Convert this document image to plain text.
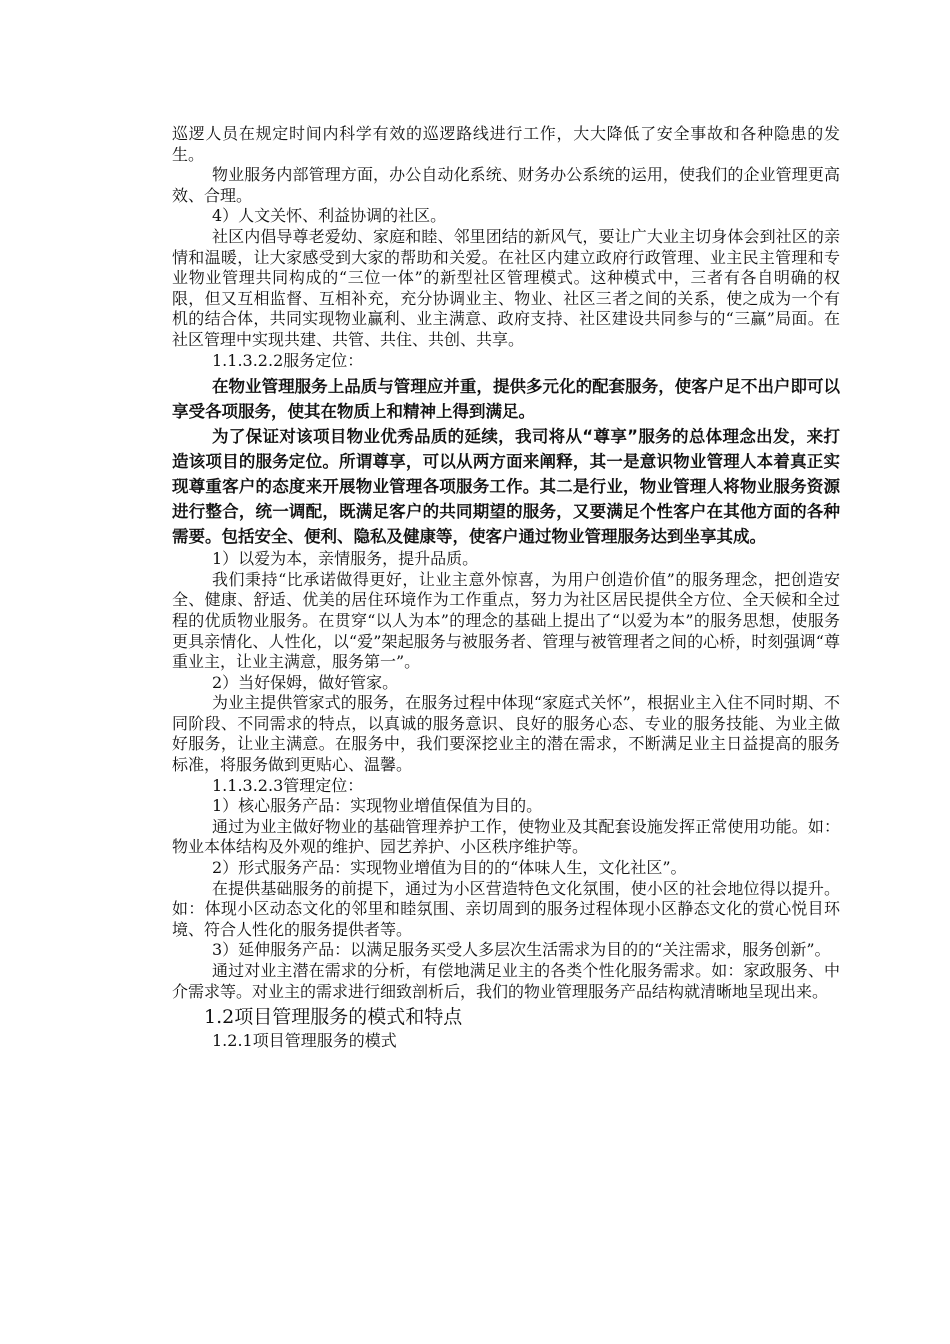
巡逻人员在规定时间内科学有效的巡逻路线进行工作，大大降低了安全事故和各种隐患的发生。

物业服务内部管理方面，办公自动化系统、财务办公系统的运用，使我们的企业管理更高效、合理。

4）人文关怀、利益协调的社区。

社区内倡导尊老爱幼、家庭和睦、邻里团结的新风气，要让广大业主切身体会到社区的亲情和温暖，让大家感受到大家的帮助和关爱。在社区内建立政府行政管理、业主民主管理和专业物业管理共同构成的“三位一体”的新型社区管理模式。这种模式中，三者有各自明确的权限，但又互相监督、互相补充，充分协调业主、物业、社区三者之间的关系，使之成为一个有机的结合体，共同实现物业赢利、业主满意、政府支持、社区建设共同参与的“三赢”局面。在社区管理中实现共建、共管、共住、共创、共享。

1.1.3.2.2服务定位：

在物业管理服务上品质与管理应并重，提供多元化的配套服务，使客户足不出户即可以享受各项服务，使其在物质上和精神上得到满足。

为了保证对该项目物业优秀品质的延续，我司将从“尊享”服务的总体理念出发，来打造该项目的服务定位。所谓尊享，可以从两方面来阐释，其一是意识物业管理人本着真正实现尊重客户的态度来开展物业管理各项服务工作。其二是行业，物业管理人将物业服务资源进行整合，统一调配，既满足客户的共同期望的服务，又要满足个性客户在其他方面的各种需要。包括安全、便利、隐私及健康等，使客户通过物业管理服务达到坐享其成。

1）以爱为本，亲情服务，提升品质。

我们秉持“比承诺做得更好，让业主意外惊喜，为用户创造价值”的服务理念，把创造安全、健康、舒适、优美的居住环境作为工作重点，努力为社区居民提供全方位、全天候和全过程的优质物业服务。在贯穿“以人为本”的理念的基础上提出了“以爱为本”的服务思想，使服务更具亲情化、人性化，以“爱”架起服务与被服务者、管理与被管理者之间的心桥，时刻强调“尊重业主，让业主满意，服务第一”。

2）当好保姆，做好管家。

为业主提供管家式的服务，在服务过程中体现“家庭式关怀”，根据业主入住不同时期、不同阶段、不同需求的特点，以真诚的服务意识、良好的服务心态、专业的服务技能、为业主做好服务，让业主满意。在服务中，我们要深挖业主的潜在需求，不断满足业主日益提高的服务标准，将服务做到更贴心、温馨。

1.1.3.2.3管理定位：

1）核心服务产品：实现物业增值保值为目的。

通过为业主做好物业的基础管理养护工作，使物业及其配套设施发挥正常使用功能。如：物业本体结构及外观的维护、园艺养护、小区秩序维护等。

2）形式服务产品：实现物业增值为目的的“体味人生，文化社区”。

在提供基础服务的前提下，通过为小区营造特色文化氛围，使小区的社会地位得以提升。如：体现小区动态文化的邻里和睦氛围、亲切周到的服务过程体现小区静态文化的赏心悦目环境、符合人性化的服务提供者等。

3）延伸服务产品：以满足服务买受人多层次生活需求为目的的“关注需求，服务创新”。

通过对业主潜在需求的分析，有偿地满足业主的各类个性化服务需求。如：家政服务、中介需求等。对业主的需求进行细致剖析后，我们的物业管理服务产品结构就清晰地呈现出来。

1.2项目管理服务的模式和特点

1.2.1项目管理服务的模式
